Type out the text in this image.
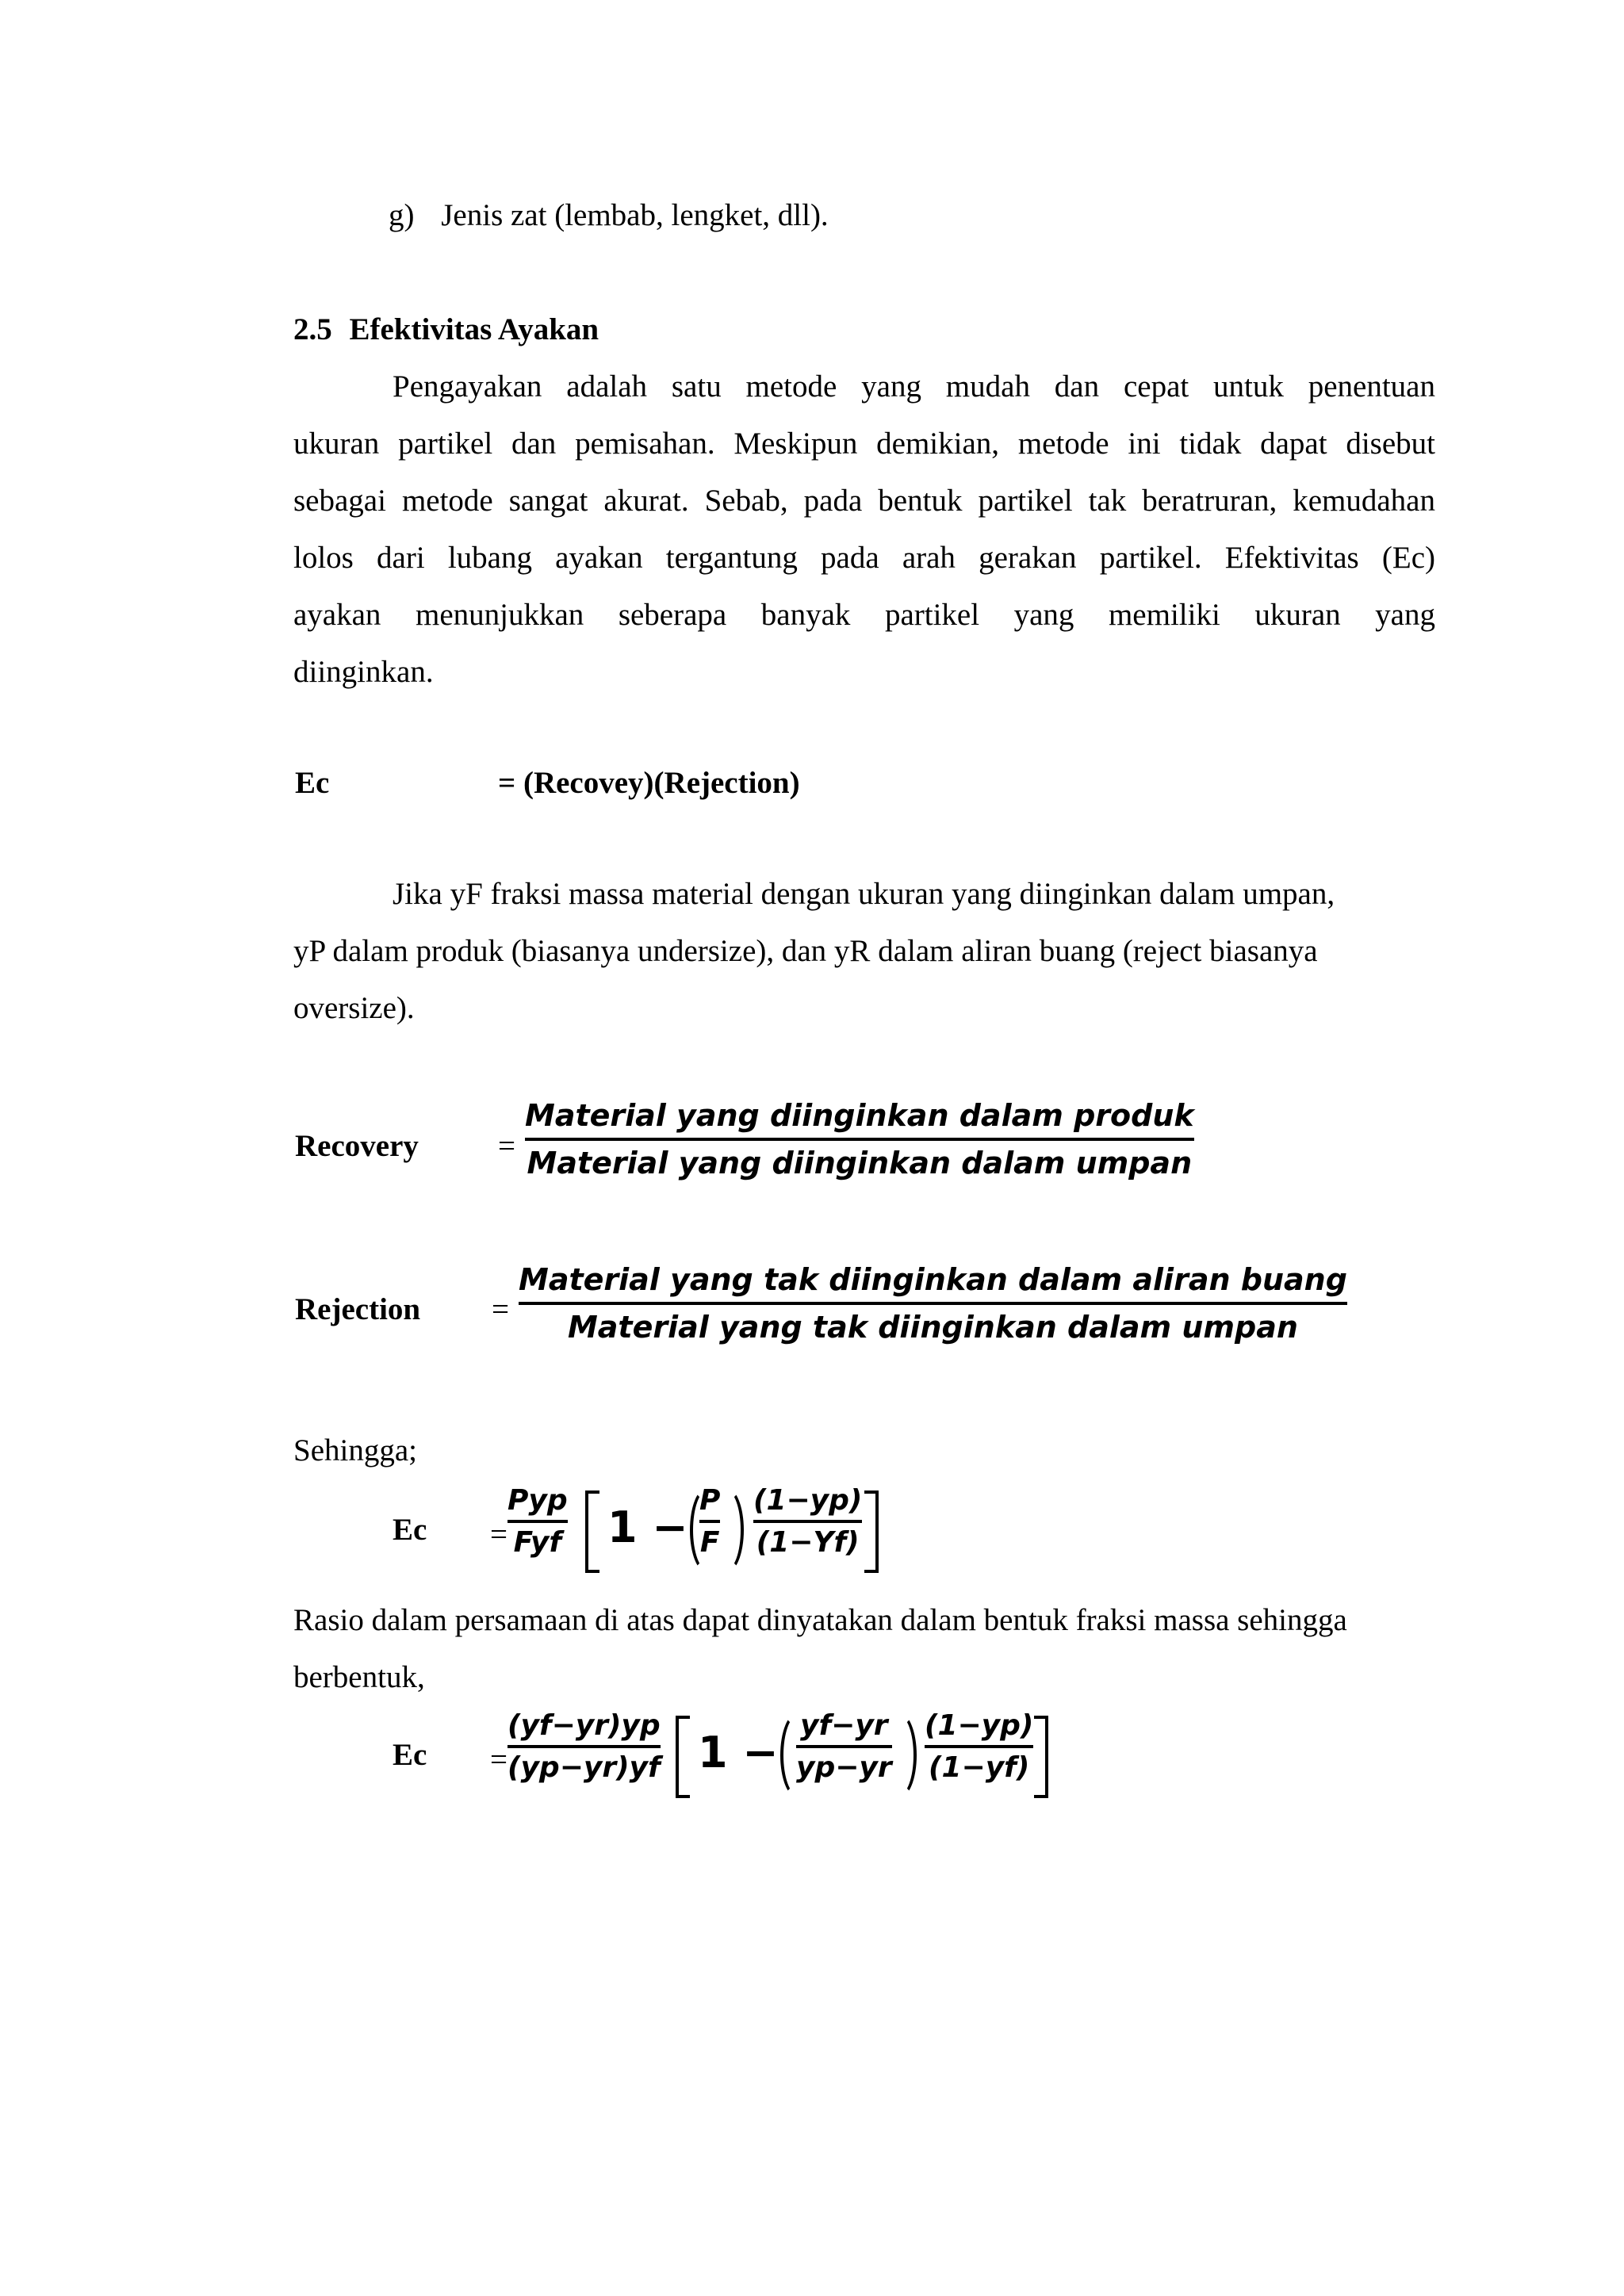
g) Jenis zat (lembab, lengket, dll).
2.5 Efektivitas Ayakan
Pengayakan adalah satu metode yang mudah dan cepat untuk penentuan
ukuran partikel dan pemisahan. Meskipun demikian, metode ini tidak dapat disebut
sebagai metode sangat akurat. Sebab, pada bentuk partikel tak beratruran, kemudahan
lolos dari lubang ayakan tergantung pada arah gerakan partikel. Efektivitas (Ec)
ayakan menunjukkan seberapa banyak partikel yang memiliki ukuran yang
diinginkan.
Ec	= (Recovey)(Rejection)
Jika yF fraksi massa material dengan ukuran yang diinginkan dalam umpan,
yP dalam produk (biasanya undersize), dan yR dalam aliran buang (reject biasanya
oversize).
Recovery	=
Material yang diinginkan dalam produk
Material yang diinginkan dalam umpan
Rejection =
Material yang tak diinginkan dalam aliran buang
Material yang tak diinginkan dalam umpan
Sehingga;
Ec =
Pyp
Fyf 1 −
P
F
(1−yp)
(1−Yf)
Rasio dalam persamaan di atas dapat dinyatakan dalam bentuk fraksi massa sehingga
berbentuk,
Ec =
(yf−yr)yp
(yp−yr)yf 1 −
yf−yr
yp−yr
(1−yp)
(1−yf)
